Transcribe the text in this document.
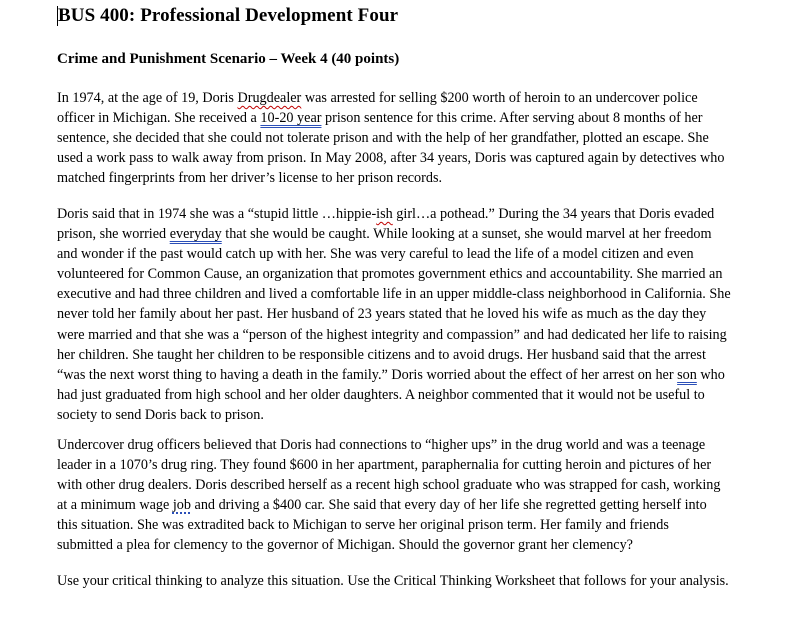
BUS 400: Professional Development Four
Crime and Punishment Scenario – Week 4 (40 points)
In 1974, at the age of 19, Doris Drugdealer was arrested for selling $200 worth of heroin to an undercover police
officer in Michigan. She received a 10-20 year prison sentence for this crime. After serving about 8 months of her
sentence, she decided that she could not tolerate prison and with the help of her grandfather, plotted an escape. She
used a work pass to walk away from prison. In May 2008, after 34 years, Doris was captured again by detectives who
matched fingerprints from her driver’s license to her prison records.
Doris said that in 1974 she was a “stupid little …hippie-ish girl…a pothead.” During the 34 years that Doris evaded
prison, she worried everyday that she would be caught. While looking at a sunset, she would marvel at her freedom
and wonder if the past would catch up with her. She was very careful to lead the life of a model citizen and even
volunteered for Common Cause, an organization that promotes government ethics and accountability. She married an
executive and had three children and lived a comfortable life in an upper middle-class neighborhood in California. She
never told her family about her past. Her husband of 23 years stated that he loved his wife as much as the day they
were married and that she was a “person of the highest integrity and compassion” and had dedicated her life to raising
her children. She taught her children to be responsible citizens and to avoid drugs. Her husband said that the arrest
“was the next worst thing to having a death in the family.” Doris worried about the effect of her arrest on her son who
had just graduated from high school and her older daughters. A neighbor commented that it would not be useful to
society to send Doris back to prison.
Undercover drug officers believed that Doris had connections to “higher ups” in the drug world and was a teenage
leader in a 1070’s drug ring. They found $600 in her apartment, paraphernalia for cutting heroin and pictures of her
with other drug dealers. Doris described herself as a recent high school graduate who was strapped for cash, working
at a minimum wage job and driving a $400 car. She said that every day of her life she regretted getting herself into
this situation. She was extradited back to Michigan to serve her original prison term. Her family and friends
submitted a plea for clemency to the governor of Michigan. Should the governor grant her clemency?
Use your critical thinking to analyze this situation. Use the Critical Thinking Worksheet that follows for your analysis.
